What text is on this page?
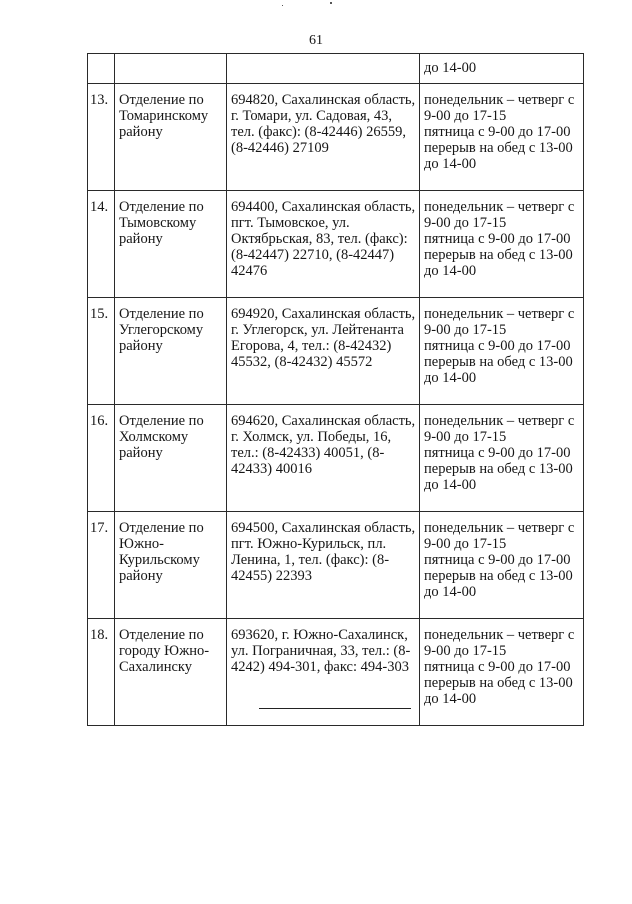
61

			до 14-00

13.	Отделение по Томаринскому району	694820, Сахалинская область, г. Томари, ул. Садовая, 43, тел. (факс): (8-42446) 26559, (8-42446) 27109	понедельник – четверг с 9-00 до 17-15
пятница с 9-00 до 17-00
перерыв на обед с 13-00 до 14-00

14.	Отделение по Тымовскому району	694400, Сахалинская область, пгт. Тымовское, ул. Октябрьская, 83, тел. (факс): (8-42447) 22710, (8-42447) 42476	понедельник – четверг с 9-00 до 17-15
пятница с 9-00 до 17-00
перерыв на обед с 13-00 до 14-00

15.	Отделение по Углегорскому району	694920, Сахалинская область, г. Углегорск, ул. Лейтенанта Егорова, 4, тел.: (8-42432) 45532, (8-42432) 45572	понедельник – четверг с 9-00 до 17-15
пятница с 9-00 до 17-00
перерыв на обед с 13-00 до 14-00

16.	Отделение по Холмскому району	694620, Сахалинская область, г. Холмск, ул. Победы, 16, тел.: (8-42433) 40051, (8-42433) 40016	понедельник – четверг с 9-00 до 17-15
пятница с 9-00 до 17-00
перерыв на обед с 13-00 до 14-00

17.	Отделение по Южно-Курильскому району	694500, Сахалинская область, пгт. Южно-Курильск, пл. Ленина, 1, тел. (факс): (8-42455) 22393	понедельник – четверг с 9-00 до 17-15
пятница с 9-00 до 17-00
перерыв на обед с 13-00 до 14-00

18.	Отделение по городу Южно-Сахалинску	693620, г. Южно-Сахалинск, ул. Пограничная, 33, тел.: (8-4242) 494-301, факс: 494-303	понедельник – четверг с 9-00 до 17-15
пятница с 9-00 до 17-00
перерыв на обед с 13-00 до 14-00
